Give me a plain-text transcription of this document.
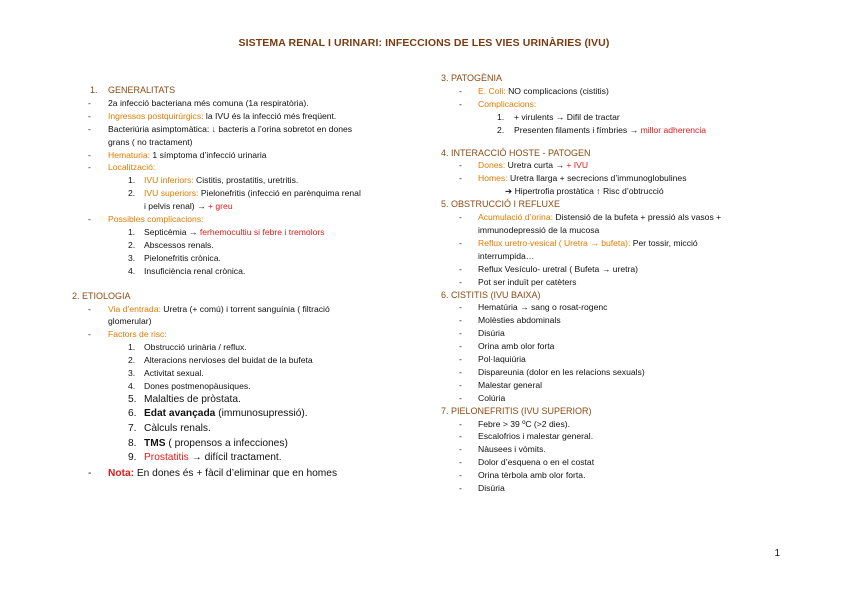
SISTEMA RENAL I URINARI: INFECCIONS DE LES VIES URINÀRIES (IVU)
1. GENERALITATS
- 2a infecció bacteriana més comuna (1a respiratòria).
- Ingressos postquirúrgics: la IVU és la infecció més freqüent.
- Bacteriúria asimptomàtica: ↓ bacteris a l’orina sobretot en dones
grans ( no tractament)
- Hematuria: 1 símptoma d’infecció urinaria
- Localització:
1. IVU inferiors: Cistitis, prostatitis, uretritis.
2. IVU superiors: Pielonefritis (infecció en parènquima renal
i pelvis renal) → + greu
- Possibles complicacions:
1. Septicèmia → ferhemocultiu si febre i tremolors
2. Abscessos renals.
3. Pielonefritis crònica.
4. Insuficiència renal crònica.
2. ETIOLOGIA
- Via d’entrada: Uretra (+ comú) i torrent sanguínia ( filtració
glomerular)
- Factors de risc:
1. Obstrucció urinària / reflux.
2. Alteracions nervioses del buidat de la bufeta
3. Activitat sexual.
4. Dones postmenopàusiques.
5. Malalties de pròstata.
6. Edat avançada (immunosupressió).
7. Càlculs renals.
8. TMS ( propensos a infecciones)
9. Prostatitis → difícil tractament.
- Nota: En dones és + fàcil d’eliminar que en homes
3. PATOGÈNIA
- E. Coli: NO complicacions (cistitis)
- Complicacions:
1. + virulents → Difil de tractar
2. Presenten filaments i fímbries → millor adherencia
4. INTERACCIÓ HOSTE - PATOGEN
- Dones: Uretra curta → + IVU
- Homes: Uretra llarga + secrecions d’immunoglobulines
➔ Hipertrofia prostàtica ↑ Risc d’obtrucció
5. OBSTRUCCIÓ I REFLUXE
- Acumulació d’orina: Distensió de la bufeta + pressió als vasos +
immunodepressió de la mucosa
- Reflux uretro-vesical ( Uretra → bufeta): Per tossir, micció
interrumpida…
- Reflux Vesículo- uretral ( Bufeta → uretra)
- Pot ser induït per catèters
6. CISTITIS (IVU BAIXA)
- Hematúria → sang o rosat-rogenc
- Molèsties abdominals
- Disúria
- Orina amb olor forta
- Pol·laquiúria
- Dispareunia (dolor en les relacions sexuals)
- Malestar general
- Colúria
7. PIELONEFRITIS (IVU SUPERIOR)
- Febre > 39 ºC (>2 dies).
- Escalofrios i malestar general.
- Nàusees i vòmits.
- Dolor d’esquena o en el costat
- Orina tèrbola amb olor forta.
- Disúria
1
